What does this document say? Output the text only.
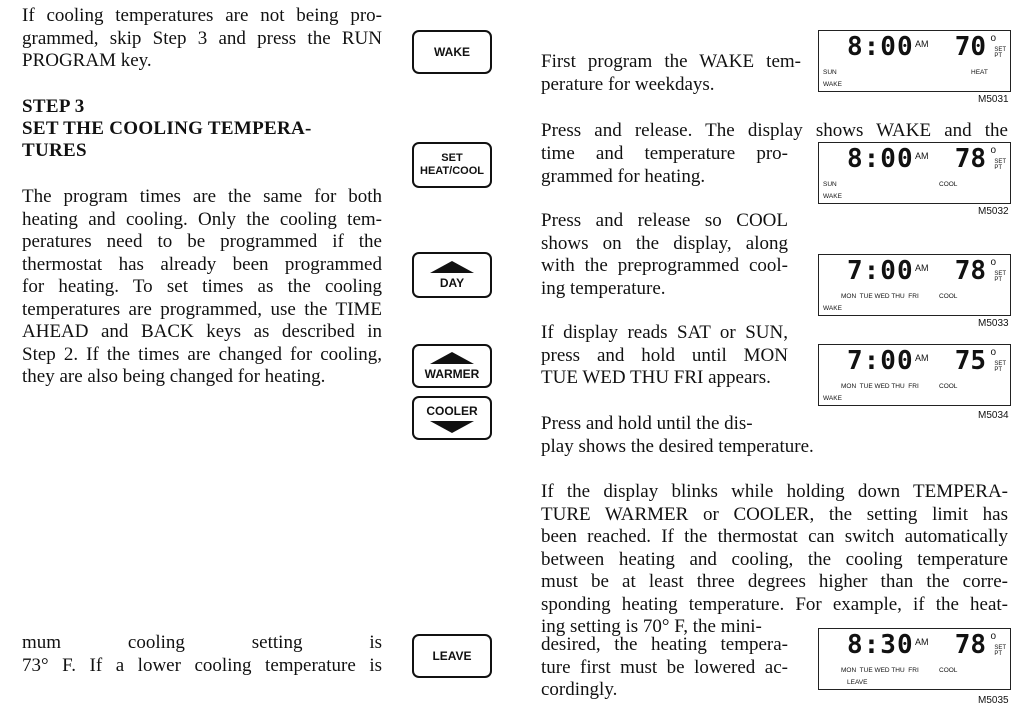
If cooling temperatures are not being pro-
grammed, skip Step 3 and press the RUN
PROGRAM key.
STEP 3
SET THE COOLING TEMPERA-
TURES
The program times are the same for both
heating and cooling. Only the cooling tem-
peratures need to be programmed if the
thermostat has already been programmed
for heating. To set times as the cooling
temperatures are programmed, use the TIME
AHEAD and BACK keys as described in
Step 2. If the times are changed for cooling,
they are also being changed for heating.
mum cooling setting is
73° F. If a lower cooling temperature is
WAKE
SET
HEAT/COOL
DAY
WARMER
COOLER
LEAVE
First program the WAKE tem-
perature for weekdays.
Press and release. The display shows WAKE and the
time and temperature pro-
grammed for heating.
Press and release so COOL
shows on the display, along
with the preprogrammed cool-
ing temperature.
If display reads SAT or SUN,
press and hold until MON
TUE WED THU FRI appears.
Press and hold until the dis-
play shows the desired temperature.
If the display blinks while holding down TEMPERA-
TURE WARMER or COOLER, the setting limit has
been reached. If the thermostat can switch automatically
between heating and cooling, the cooling temperature
must be at least three degrees higher than the corre-
sponding heating temperature. For example, if the heat-
ing setting is 70° F, the mini-
desired, the heating tempera-
ture first must be lowered ac-
cordingly.
8:00 AM 70 o
SET
PT
SUN	HEAT
WAKE
M5031
8:00 AM 78 o
SET
PT
SUN	COOL
WAKE
M5032
7:00 AM 78 o
SET
PT
MON  TUE WED THU  FRI	COOL
WAKE
M5033
7:00 AM 75 o
SET
PT
MON  TUE WED THU  FRI	COOL
WAKE
M5034
8:30 AM 78 o
SET
PT
MON  TUE WED THU  FRI	COOL
LEAVE
M5035
